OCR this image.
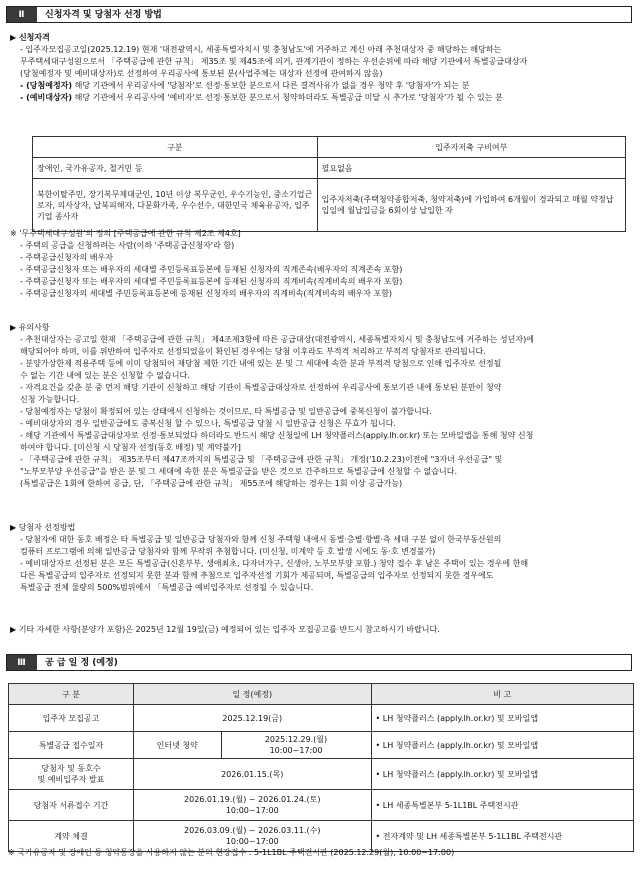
Ⅱ	신청자격 및 당첨자 선정 방법
▶ 신청자격
- 입주자모집공고일(2025.12.19) 현재 '대전광역시, 세종특별자치시 및 충청남도'에 거주하고 계신 아래 추천대상자 중 해당하는 해당하는
무주택세대구성원으로서 「주택공급에 관한 규칙」 제35조 및 제45조에 의거, 관계기관이 정하는 우선순위에 따라 해당 기관에서 특별공급대상자
(당첨예정자 및 예비대상자)로 선정하여 우리공사에 통보된 분(사업주체는 대상자 선정에 관여하지 않음)
- (당첨예정자) 해당 기관에서 우리공사에 '당첨자'로 선정·통보한 분으로서 다른 결격사유가 없을 경우 청약 후 '당첨자'가 되는 분
- (예비대상자) 해당 기관에서 우리공사에 '예비자'로 선정·통보한 분으로서 청약하더라도 특별공급 미달 시 추가로 '당첨자'가 될 수 있는 분
구분	입주자저축 구비여부
장애인, 국가유공자, 철거민 등	필요없음
북한이탈주민, 장기복무제대군인, 10년 이상 복무군인, 우수기능인, 중소기업근로자, 의사상자, 납북피해자, 다문화가족, 우수선수, 대한민국 체육유공자, 입주기업 종사자	입주자저축(주택청약종합저축, 청약저축)에 가입하여 6개월이 경과되고 매월 약정납입일에 월납입금을 6회이상 납입한 자
※ '무주택세대구성원'의 정의 [주택공급에 관한 규칙 제2조 제4호]
- 주택의 공급을 신청하려는 사람(이하 '주택공급신청자'라 함)
- 주택공급신청자의 배우자
- 주택공급신청자 또는 배우자의 세대별 주민등록표등본에 등재된 신청자의 직계존속(배우자의 직계존속 포함)
- 주택공급신청자 또는 배우자의 세대별 주민등록표등본에 등재된 신청자의 직계비속(직계비속의 배우자 포함)
- 주택공급신청자의 세대별 주민등록표등본에 등재된 신청자의 배우자의 직계비속(직계비속의 배우자 포함)
▶ 유의사항
- 추천대상자는 공고일 현재 「주택공급에 관한 규칙」 제4조제3항에 따른 공급대상(대전광역시, 세종특별자치시 및 충청남도에 거주하는 성년자)에
해당되어야 하며, 이를 위반하여 입주자로 선정되었음이 확인된 경우에는 당첨 이후라도 부적격 처리하고 부적격 당첨자로 관리됩니다.
- 분양가상한제 적용주택 등에 이미 당첨되어 재당첨 제한 기간 내에 있는 분 및 그 세대에 속한 분과 부적격 당첨으로 인해 입주자로 선정될
수 없는 기간 내에 있는 분은 신청할 수 없습니다.
- 자격요건을 갖춘 분 중 먼저 해당 기관이 신청하고 해당 기관이 특별공급대상자로 선정하여 우리공사에 통보기관 내에 통보된 분만이 청약
신청 가능합니다.
- 당첨예정자는 당첨이 확정되어 있는 상태에서 신청하는 것이므로, 타 특별공급 및 일반공급에 중복신청이 불가합니다.
- 예비대상자의 경우 일반공급에도 중복신청 할 수 있으나, 특별공급 당첨 시 일반공급 신청은 무효가 됩니다.
- 해당 기관에서 특별공급대상자로 선정·통보되었다 하더라도 반드시 해당 신청일에 LH 청약플러스(apply.lh.or.kr) 또는 모바일앱을 통해 청약 신청
하여야 합니다. [미신청 시 당첨자 선정(동호 배정) 및 계약불가]
- 「주택공급에 관한 규칙」 제35조부터 제47조까지의 특별공급 및 「주택공급에 관한 규칙」 개정('10.2.23)이전에 "3자녀 우선공급" 및
"노부모부양 우선공급"을 받은 분 및 그 세대에 속한 분은 특별공급을 받은 것으로 간주하므로 특별공급에 신청할 수 없습니다.
(특별공급은 1회에 한하여 공급, 단, 「주택공급에 관한 규칙」 제55조에 해당하는 경우는 1회 이상 공급가능)
▶ 당첨자 선정방법
- 당첨자에 대한 동호 배정은 타 특별공급 및 일반공급 당첨자와 함께 신청 주택형 내에서 동별·층별·향별·측 세대 구분 없이 한국부동산원의
컴퓨터 프로그램에 의해 일반공급 당첨자와 함께 무작위 추첨합니다. (미신청, 미계약 등 호 발생 시에도 동·호 변경불가)
- 예비대상자로 선정된 분은 모든 특별공급(신혼부부, 생애최초, 다자녀가구, 신생아, 노부모부양 포함.) 청약 접수 후 남은 주택이 있는 경우에 한해
다른 특별공급의 입주자로 선정되지 못한 분과 함께 추첨으로 입주자선정 기회가 제공되며, 특별공급의 입주자로 선정되지 못한 경우에도
특별공급 전체 물량의 500%범위에서 「특별공급 예비입주자로 선정될 수 있습니다.
▶ 기타 자세한 사항(분양가 포함)은 2025년 12월 19일(금) 예정되어 있는 입주자 모집공고를 반드시 참고하시기 바랍니다.
Ⅲ	공 급 일 정 (예정)
구 분	일 정(예정)		비 고
입주자 모집공고	2025.12.19(금)		• LH 청약플러스 (apply.lh.or.kr) 및 모바일앱
특별공급 접수일자	인터넷 청약	2025.12.29.(월)
10:00~17:00	• LH 청약플러스 (apply.lh.or.kr) 및 모바일앱
당첨자 및 동호수
및 예비입주자 발표	2026.01.15.(목)		• LH 청약플러스 (apply.lh.or.kr) 및 모바일앱
당첨자 서류접수 기간	2026.01.19.(월) ~ 2026.01.24.(토)
10:00~17:00		• LH 세종특별본부 5-1L1BL 주택전시관
계약 체결	2026.03.09.(월) ~ 2026.03.11.(수)
10:00~17:00		• 전자계약 및 LH 세종특별본부 5-1L1BL 주택전시관
※ 국가유공자 및 장애인 등 청약통장을 사용하지 않는 분의 현장접수 : 5-1L1BL 주택전시관 (2025.12.29(월), 10:00~17:00)
